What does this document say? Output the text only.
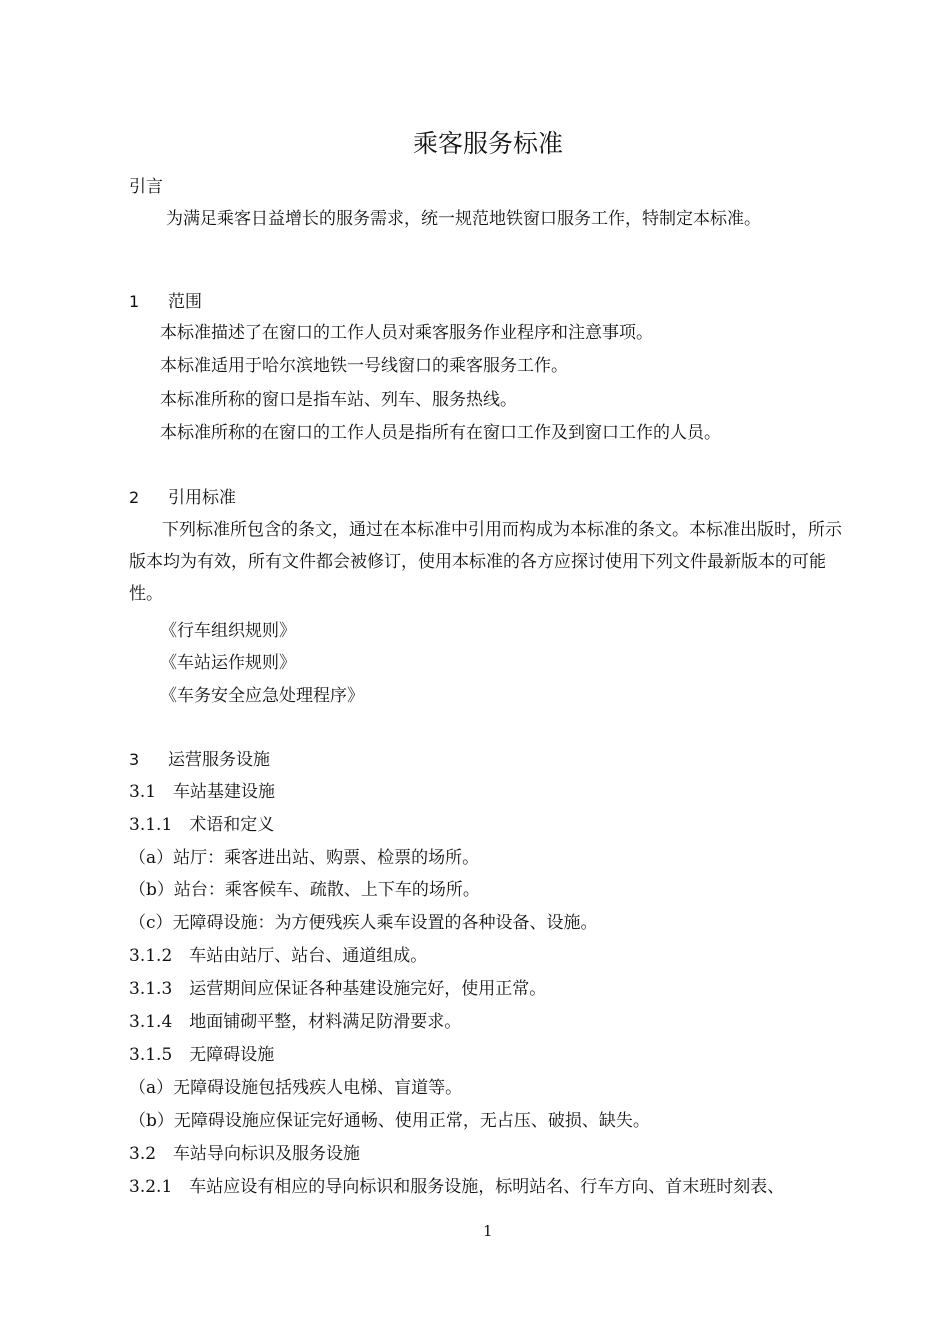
乘客服务标准
引言
为满足乘客日益增长的服务需求，统一规范地铁窗口服务工作，特制定本标准。
1 范围
本标准描述了在窗口的工作人员对乘客服务作业程序和注意事项。
本标准适用于哈尔滨地铁一号线窗口的乘客服务工作。
本标准所称的窗口是指车站、列车、服务热线。
本标准所称的在窗口的工作人员是指所有在窗口工作及到窗口工作的人员。
2 引用标准
下列标准所包含的条文，通过在本标准中引用而构成为本标准的条文。本标准出版时，所示版本均为有效，所有文件都会被修订，使用本标准的各方应探讨使用下列文件最新版本的可能性。
《行车组织规则》
《车站运作规则》
《车务安全应急处理程序》
3 运营服务设施
3.1　车站基建设施
3.1.1　术语和定义
（a）站厅：乘客进出站、购票、检票的场所。
（b）站台：乘客候车、疏散、上下车的场所。
（c）无障碍设施：为方便残疾人乘车设置的各种设备、设施。
3.1.2　车站由站厅、站台、通道组成。
3.1.3　运营期间应保证各种基建设施完好，使用正常。
3.1.4　地面铺砌平整，材料满足防滑要求。
3.1.5　无障碍设施
（a）无障碍设施包括残疾人电梯、盲道等。
（b）无障碍设施应保证完好通畅、使用正常，无占压、破损、缺失。
3.2　车站导向标识及服务设施
3.2.1　车站应设有相应的导向标识和服务设施，标明站名、行车方向、首末班时刻表、
1
